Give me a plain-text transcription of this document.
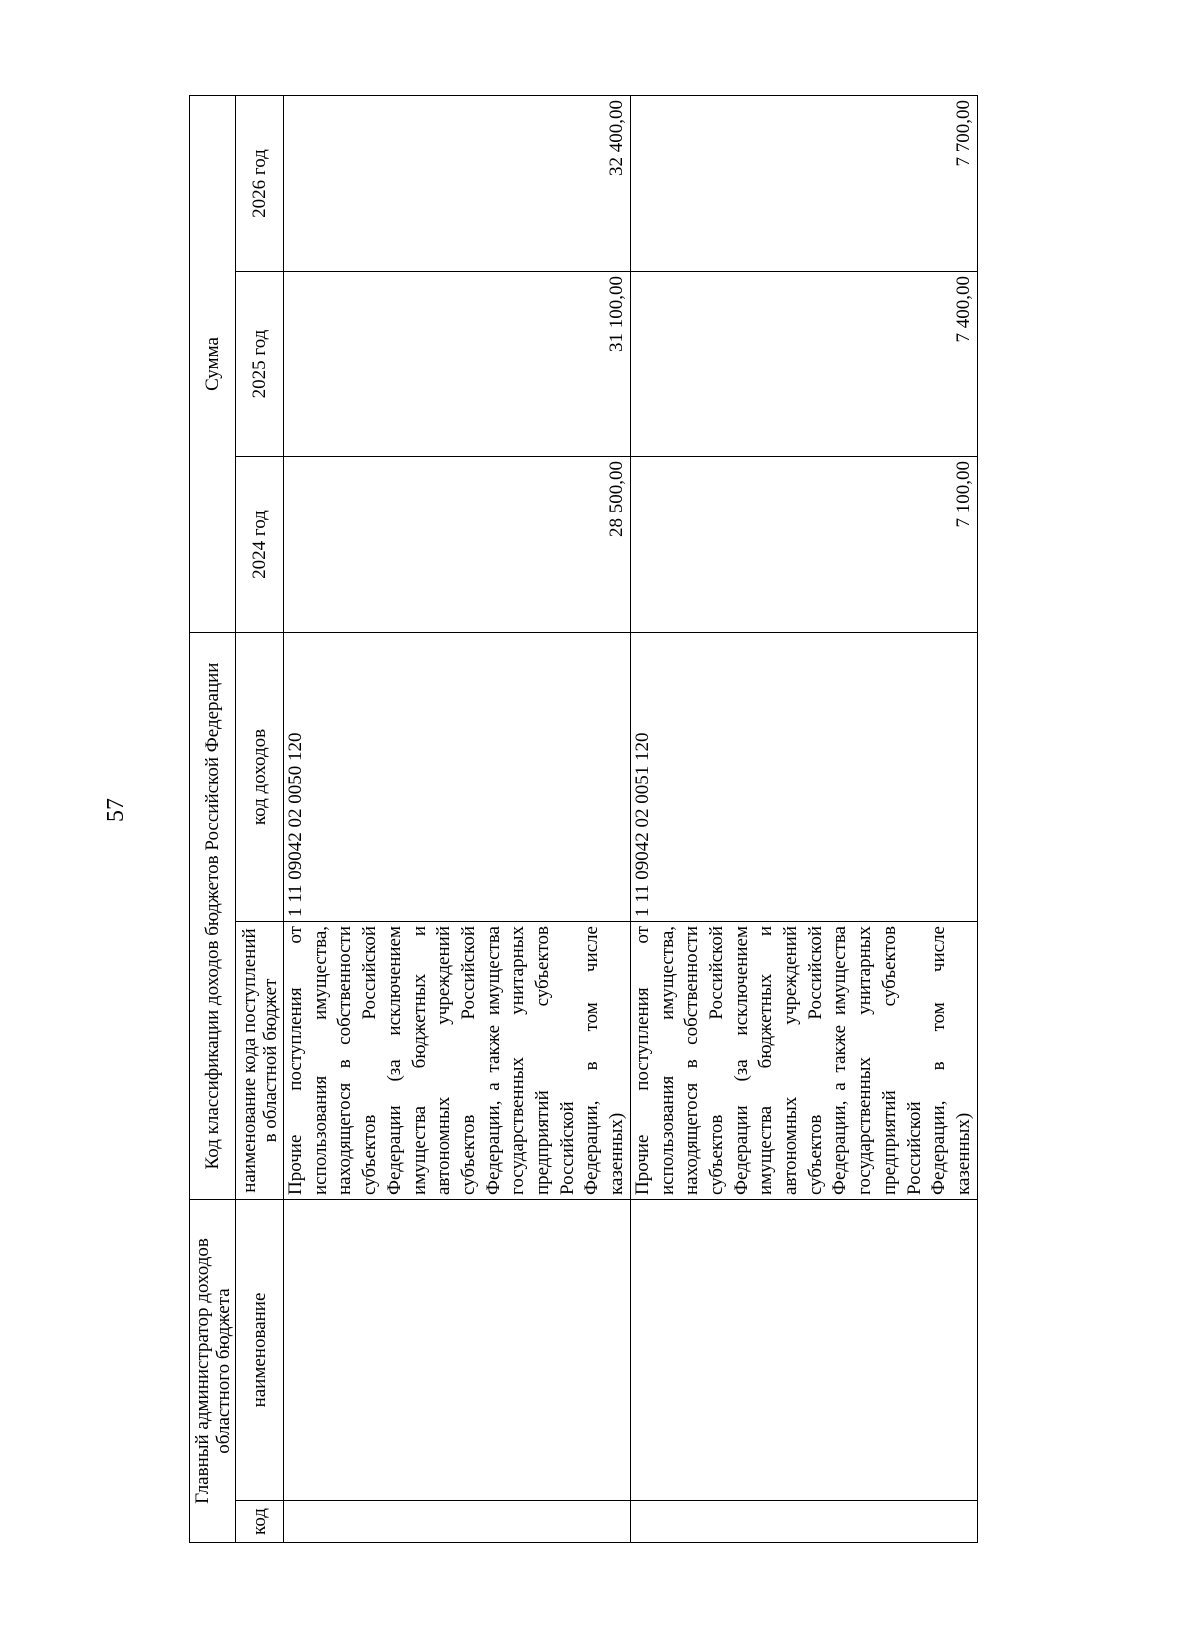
57
Главный администратор доходов областного бюджета		Код классификации доходов бюджетов Российской Федерации		Сумма		
код	наименование	наименование кода поступлений в областной бюджет	код доходов	2024 год	2025 год	2026 год
		Прочие поступления от использования имущества, находящегося в собственности субъектов Российской Федерации (за исключением имущества бюджетных и автономных учреждений субъектов Российской Федерации, а также имущества государственных унитарных предприятий субъектов Российской Федерации, в том числе казенных)	1 11 09042 02 0050 120	28 500,00	31 100,00	32 400,00
		Прочие поступления от использования имущества, находящегося в собственности субъектов Российской Федерации (за исключением имущества бюджетных и автономных учреждений субъектов Российской Федерации, а также имущества государственных унитарных предприятий субъектов Российской Федерации, в том числе казенных)	1 11 09042 02 0051 120	7 100,00	7 400,00	7 700,00
